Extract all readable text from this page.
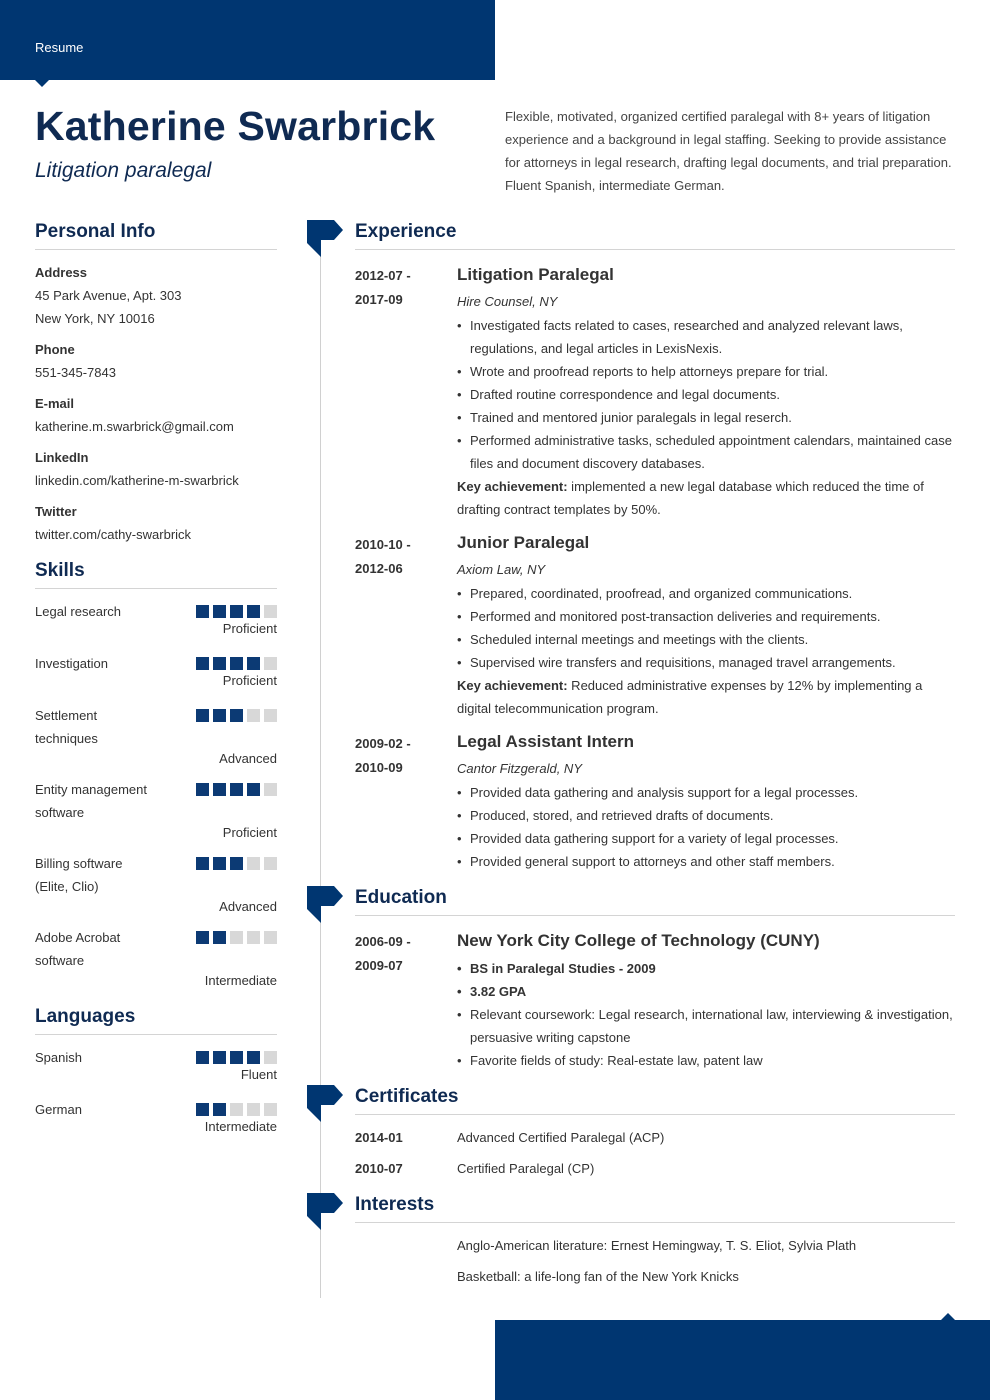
Resume
Katherine Swarbrick
Litigation paralegal
Flexible, motivated, organized certified paralegal with 8+ years of litigation experience and a background in legal staffing. Seeking to provide assistance for attorneys in legal research, drafting legal documents, and trial preparation. Fluent Spanish, intermediate German.
Personal Info
Address
45 Park Avenue, Apt. 303
New York, NY 10016
Phone
551-345-7843
E-mail
katherine.m.swarbrick@gmail.com
LinkedIn
linkedin.com/katherine-m-swarbrick
Twitter
twitter.com/cathy-swarbrick
Skills
Legal research
Proficient
Investigation
Proficient
Settlement
techniques
Advanced
Entity management
software
Proficient
Billing software
(Elite, Clio)
Advanced
Adobe Acrobat
software
Intermediate
Languages
Spanish
Fluent
German
Intermediate
Experience
2012-07 -
2017-09
Litigation Paralegal
Hire Counsel, NY
• Investigated facts related to cases, researched and analyzed relevant laws, regulations, and legal articles in LexisNexis.
• Wrote and proofread reports to help attorneys prepare for trial.
• Drafted routine correspondence and legal documents.
• Trained and mentored junior paralegals in legal reserch.
• Performed administrative tasks, scheduled appointment calendars, maintained case files and document discovery databases.
Key achievement: implemented a new legal database which reduced the time of drafting contract templates by 50%.
2010-10 -
2012-06
Junior Paralegal
Axiom Law, NY
• Prepared, coordinated, proofread, and organized communications.
• Performed and monitored post-transaction deliveries and requirements.
• Scheduled internal meetings and meetings with the clients.
• Supervised wire transfers and requisitions, managed travel arrangements.
Key achievement: Reduced administrative expenses by 12% by implementing a digital telecommunication program.
2009-02 -
2010-09
Legal Assistant Intern
Cantor Fitzgerald, NY
• Provided data gathering and analysis support for a legal processes.
• Produced, stored, and retrieved drafts of documents.
• Provided data gathering support for a variety of legal processes.
• Provided general support to attorneys and other staff members.
Education
2006-09 -
2009-07
New York City College of Technology (CUNY)
• BS in Paralegal Studies - 2009
• 3.82 GPA
• Relevant coursework: Legal research, international law, interviewing & investigation, persuasive writing capstone
• Favorite fields of study: Real-estate law, patent law
Certificates
2014-01	Advanced Certified Paralegal (ACP)
2010-07	Certified Paralegal (CP)
Interests
Anglo-American literature: Ernest Hemingway, T. S. Eliot, Sylvia Plath
Basketball: a life-long fan of the New York Knicks
